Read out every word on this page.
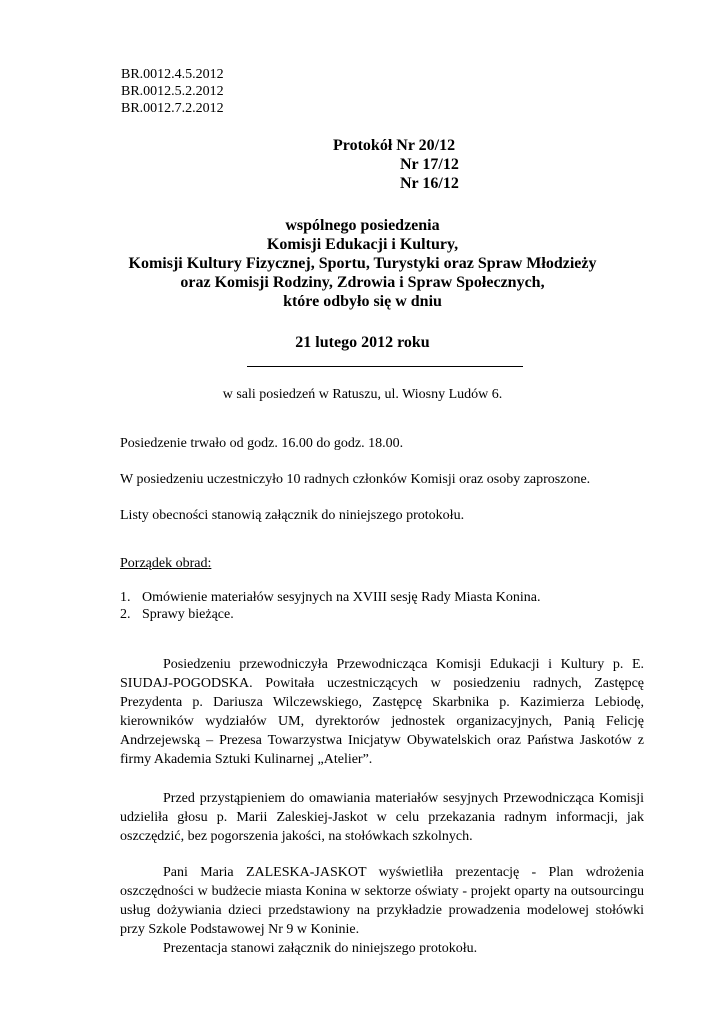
BR.0012.4.5.2012
BR.0012.5.2.2012
BR.0012.7.2.2012
Protokół Nr 20/12
Nr 17/12
Nr 16/12
wspólnego posiedzenia
Komisji Edukacji i Kultury,
Komisji Kultury Fizycznej, Sportu, Turystyki oraz Spraw Młodzieży
oraz Komisji Rodziny, Zdrowia i Spraw Społecznych,
które odbyło się w dniu
21 lutego 2012 roku
w sali posiedzeń w Ratuszu, ul. Wiosny Ludów 6.
Posiedzenie trwało od godz. 16.00 do godz. 18.00.
W posiedzeniu uczestniczyło 10 radnych członków Komisji oraz osoby zaproszone.
Listy obecności stanowią załącznik do niniejszego protokołu.
Porządek obrad:
1. Omówienie materiałów sesyjnych na XVIII sesję Rady Miasta Konina.
2. Sprawy bieżące.
Posiedzeniu przewodniczyła Przewodnicząca Komisji Edukacji i Kultury p. E. SIUDAJ-POGODSKA. Powitała uczestniczących w posiedzeniu radnych, Zastępcę Prezydenta p. Dariusza Wilczewskiego, Zastępcę Skarbnika p. Kazimierza Lebiodę, kierowników wydziałów UM, dyrektorów jednostek organizacyjnych, Panią Felicję Andrzejewską – Prezesa Towarzystwa Inicjatyw Obywatelskich oraz Państwa Jaskotów z firmy Akademia Sztuki Kulinarnej „Atelier”.
Przed przystąpieniem do omawiania materiałów sesyjnych Przewodnicząca Komisji udzieliła głosu p. Marii Zaleskiej-Jaskot w celu przekazania radnym informacji, jak oszczędzić, bez pogorszenia jakości, na stołówkach szkolnych.
Pani Maria ZALESKA-JASKOT wyświetliła prezentację - Plan wdrożenia oszczędności w budżecie miasta Konina w sektorze oświaty - projekt oparty na outsourcingu usług dożywiania dzieci przedstawiony na przykładzie prowadzenia modelowej stołówki przy Szkole Podstawowej Nr 9 w Koninie.
Prezentacja stanowi załącznik do niniejszego protokołu.
